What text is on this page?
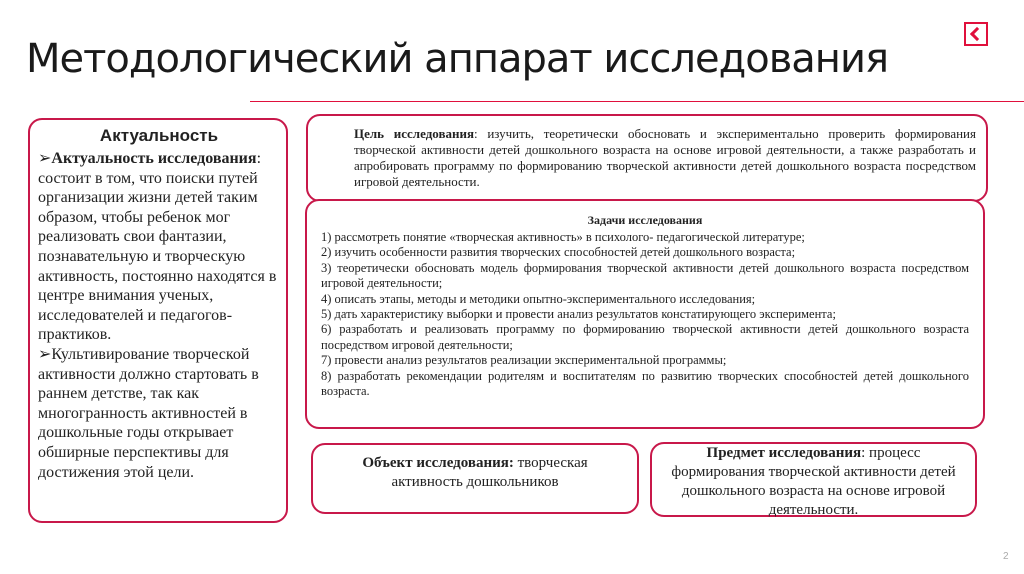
Методологический аппарат исследования
Актуальность

➢Актуальность исследования: состоит в том, что поиски путей организации жизни детей таким образом, чтобы ребенок мог реализовать свои фантазии, познавательную и творческую активность, постоянно находятся в центре внимания ученых, исследователей и педагогов-практиков.

➢Культивирование творческой активности должно стартовать в раннем детстве, так как многогранность активностей в дошкольные годы открывает обширные перспективы для достижения этой цели.

Цель исследования: изучить, теоретически обосновать и экспериментально проверить формирования творческой активности детей дошкольного возраста на основе игровой деятельности, а также разработать и апробировать программу по формированию творческой активности детей дошкольного возраста посредством игровой деятельности.

Задачи исследования

1) рассмотреть понятие «творческая активность» в психолого- педагогической литературе;

2) изучить особенности развития творческих способностей детей дошкольного возраста;

3) теоретически обосновать модель формирования творческой активности детей дошкольного возраста посредством игровой деятельности;

4) описать этапы, методы и методики опытно-экспериментального исследования;

5) дать характеристику выборки и провести анализ результатов констатирующего эксперимента;

6) разработать и реализовать программу по формированию творческой активности детей дошкольного возраста посредством игровой деятельности;

7) провести анализ результатов реализации экспериментальной программы;

8) разработать рекомендации родителям и воспитателям по развитию творческих способностей детей дошкольного возраста.

Объект исследования: творческая активность дошкольников

Предмет исследования: процесс формирования творческой активности детей дошкольного возраста на основе игровой деятельности.

2
